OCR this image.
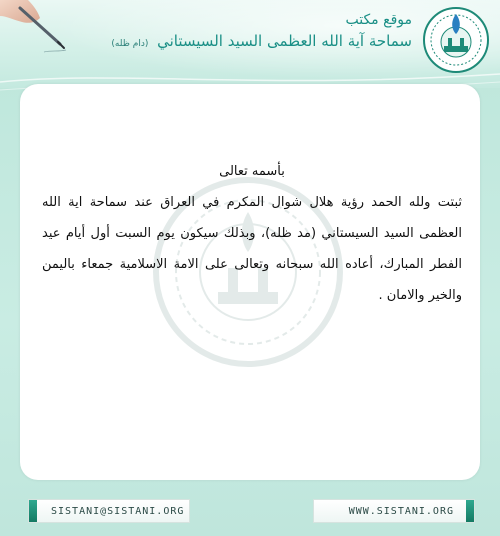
موقع مكتب
سماحة آية الله العظمى السيد السيستاني (دام ظله)
بأسمه تعالى
ثبتت ولله الحمد رؤية هلال شوال المكرم في العراق عند سماحة اية الله العظمى السيد السيستاني (مد ظله)، وبذلك سيكون يوم السبت أول أيام عيد الفطر المبارك، أعاده الله سبحانه وتعالى على الامة الاسلامية جمعاء باليمن والخير والامان .
SISTANI@SISTANI.ORG	WWW.SISTANI.ORG
